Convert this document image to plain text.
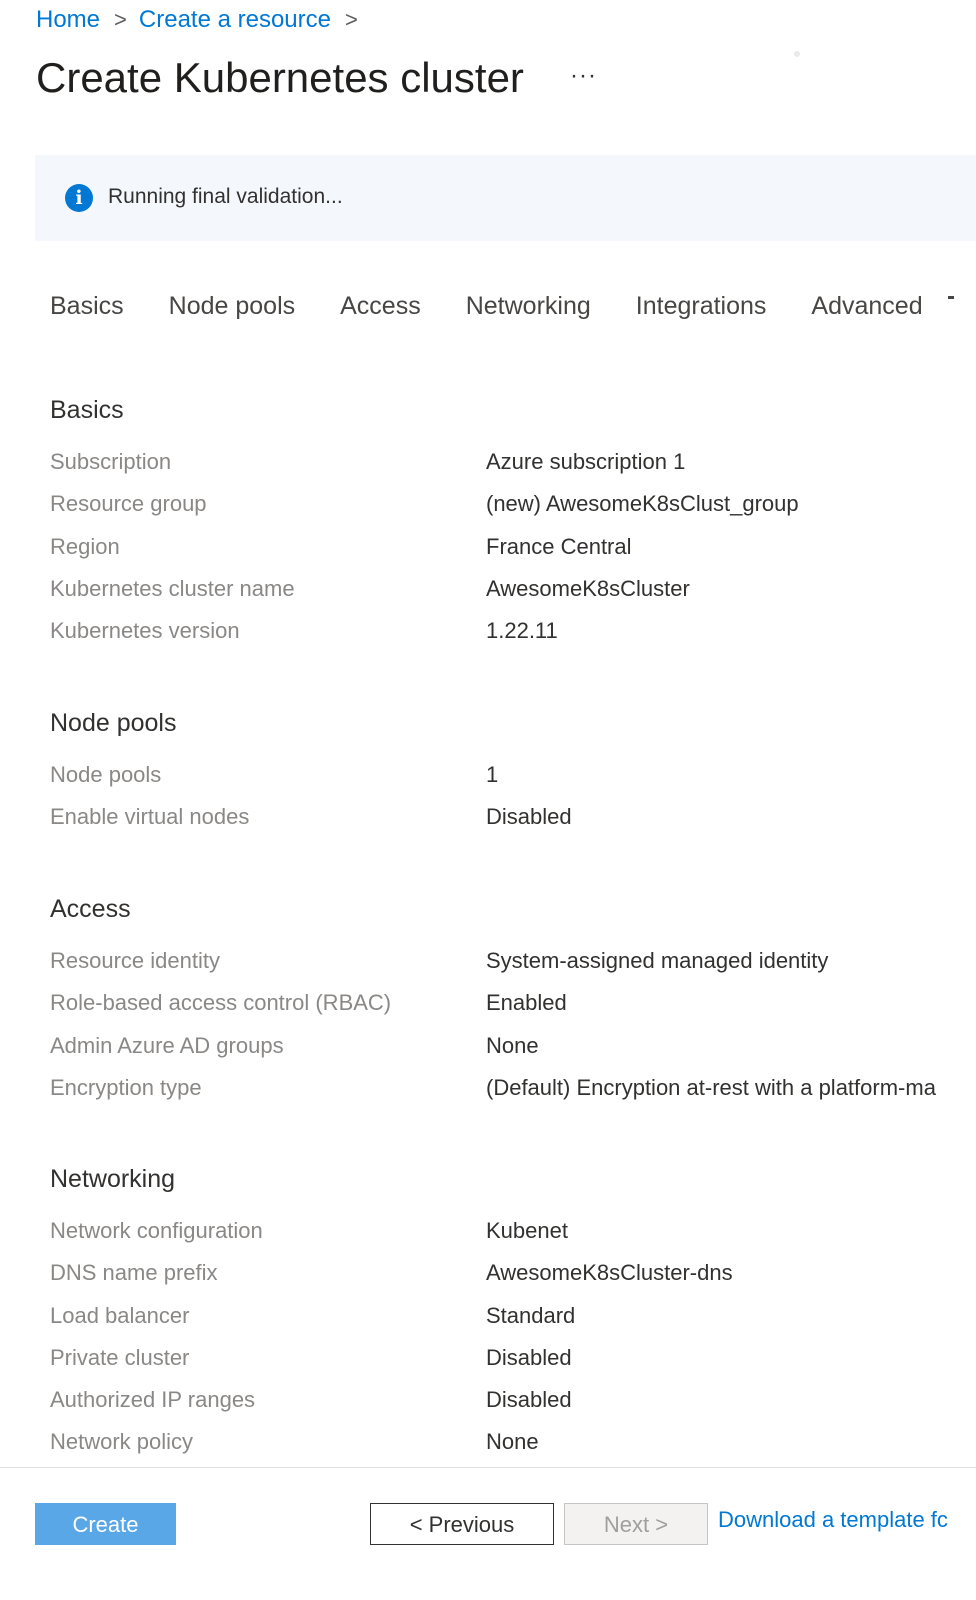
Home > Create a resource >
Create Kubernetes cluster ···
i	Running final validation...
Basics Node pools Access Networking Integrations Advanced
Basics
Subscription	Azure subscription 1
Resource group	(new) AwesomeK8sClust_group
Region	France Central
Kubernetes cluster name	AwesomeK8sCluster
Kubernetes version	1.22.11
Node pools
Node pools	1
Enable virtual nodes	Disabled
Access
Resource identity	System-assigned managed identity
Role-based access control (RBAC)	Enabled
Admin Azure AD groups	None
Encryption type	(Default) Encryption at-rest with a platform-ma
Networking
Network configuration	Kubenet
DNS name prefix	AwesomeK8sCluster-dns
Load balancer	Standard
Private cluster	Disabled
Authorized IP ranges	Disabled
Network policy	None
Create	< Previous	Next >	Download a template fc
